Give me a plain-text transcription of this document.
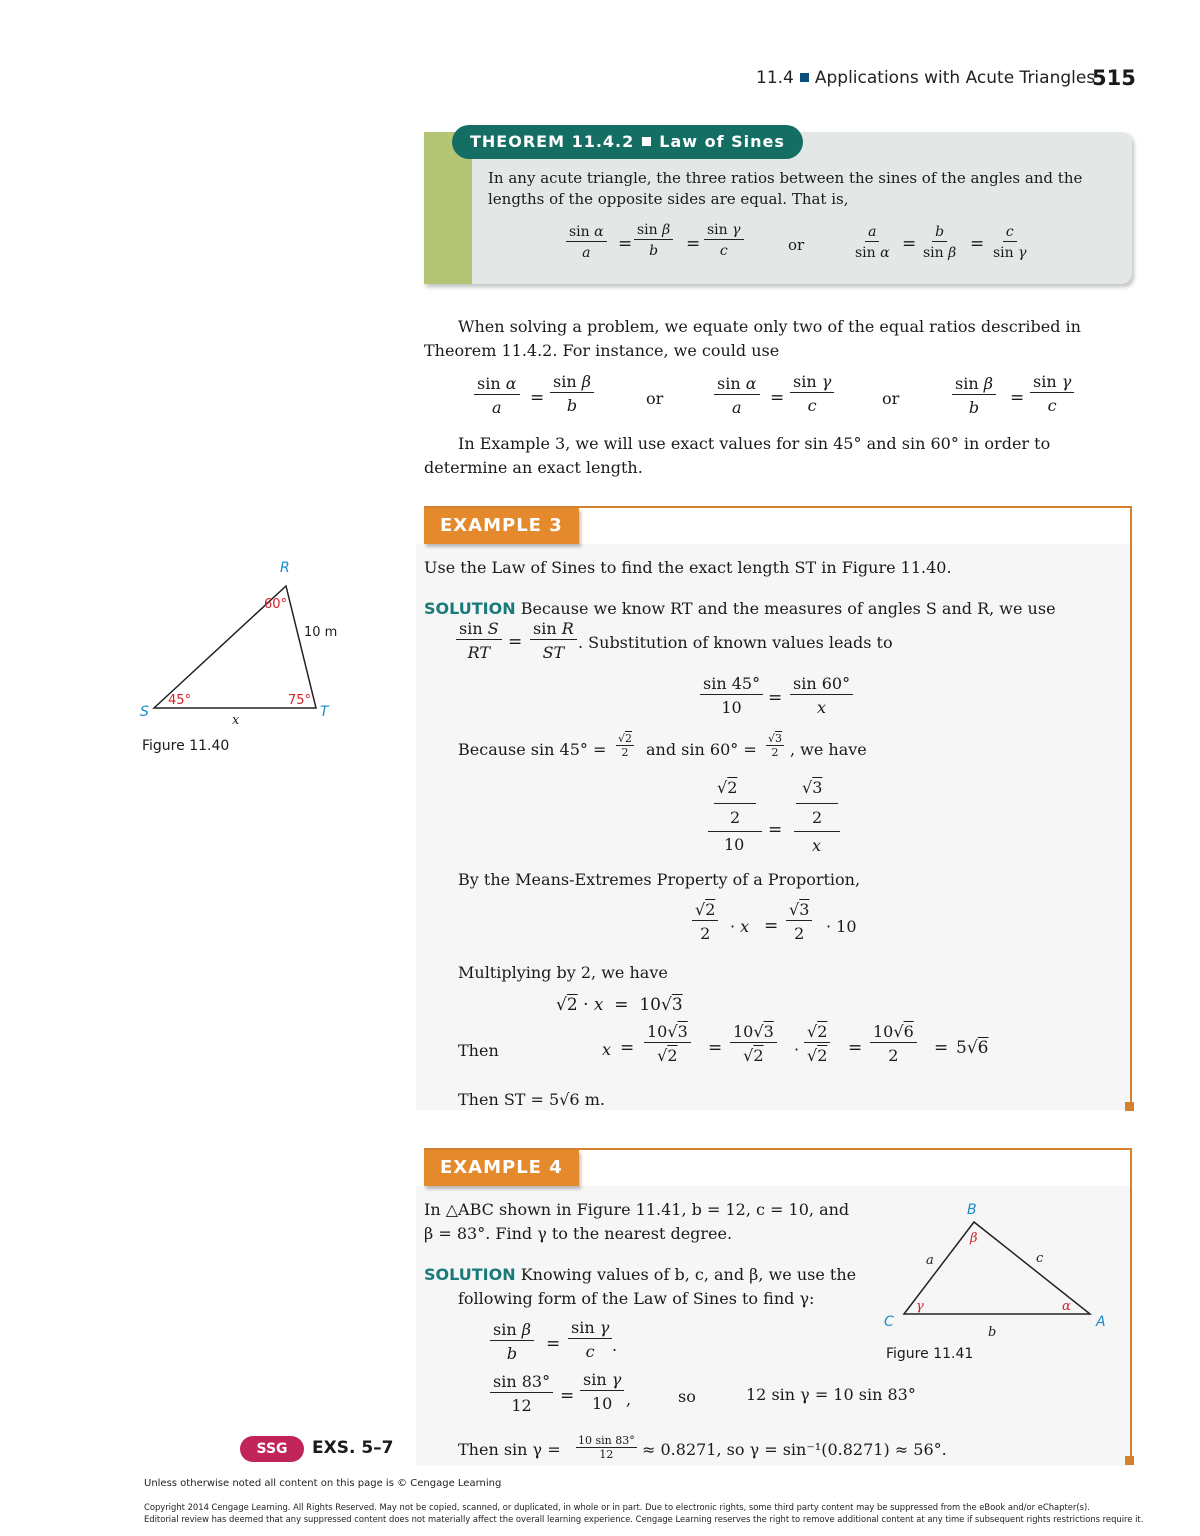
11.4 Applications with Acute Triangles
515
THEOREM 11.4.2 Law of Sines
In any acute triangle, the three ratios between the sines of the angles and the lengths of the opposite sides are equal. That is,
$\frac{\text{sin α}}{a} = \frac{\text{sin β}}{b} = \frac{\text{sin γ}}{c}$	or	$\frac{a}{\text{sin α}} = \frac{b}{\text{sin β}} = \frac{c}{\text{sin γ}}$
When solving a problem, we equate only two of the equal ratios described in Theorem 11.4.2. For instance, we could use
$\frac{\text{sin α}}{a} = \frac{\text{sin β}}{b}$	or	$\frac{\text{sin α}}{a} = \frac{\text{sin γ}}{c}$	or	$\frac{\text{sin β}}{b} = \frac{\text{sin γ}}{c}$
In Example 3, we will use exact values for sin 45° and sin 60° in order to determine an exact length.
EXAMPLE 3
Use the Law of Sines to find the exact length ST in Figure 11.40.
SOLUTION Because we know RT and the measures of angles S and R, we use
$\frac{\text{sin S}}{RT} = \frac{\text{sin R}}{ST}$ . Substitution of known values leads to
$\frac{\sin 45^\circ}{10} = \frac{\sin 60^\circ}{x}$
Because $\sin 45^\circ = \frac{√2}{2}$ and $\sin 60^\circ = \frac{√3}{2}$ , we have
√2
2
10
=
√3
2
x
By the Means-Extremes Property of a Proportion,
$\frac{√2}{2} \cdot x = \frac{√3}{2} \cdot 10$
Multiplying by 2, we have
√2 · x  =  10√3
Then	$x = \frac{10√3}{√2} = \frac{10√3}{√2} \cdot \frac{√2}{√2} = \frac{10√6}{2} = 5√6$
Then ST = 5√6 m.
R
S	T
60°
45°	75°
10 m
x
Figure 11.40
EXAMPLE 4
In △ABC shown in Figure 11.41, b = 12, c = 10, and
β = 83°. Find γ to the nearest degree.
SOLUTION Knowing values of b, c, and β, we use the
following form of the Law of Sines to find γ:
$\frac{\text{sin β}}{b} = \frac{\text{sin γ}}{c}$ .
$\frac{\sin 83^\circ}{12} = \frac{\text{sin γ}}{10}$ ,	so	12 sin γ = 10 sin 83°
Then $\sin \gamma = \frac{10 \sin 83^\circ}{12} \approx 0.8271$, so γ = sin⁻¹(0.8271) ≈ 56°.
B
C	A
a	c
b
β
γ	α
Figure 11.41
SSG	EXS. 5–7
Unless otherwise noted all content on this page is © Cengage Learning
Copyright 2014 Cengage Learning. All Rights Reserved. May not be copied, scanned, or duplicated, in whole or in part. Due to electronic rights, some third party content may be suppressed from the eBook and/or eChapter(s).
Editorial review has deemed that any suppressed content does not materially affect the overall learning experience. Cengage Learning reserves the right to remove additional content at any time if subsequent rights restrictions require it.
